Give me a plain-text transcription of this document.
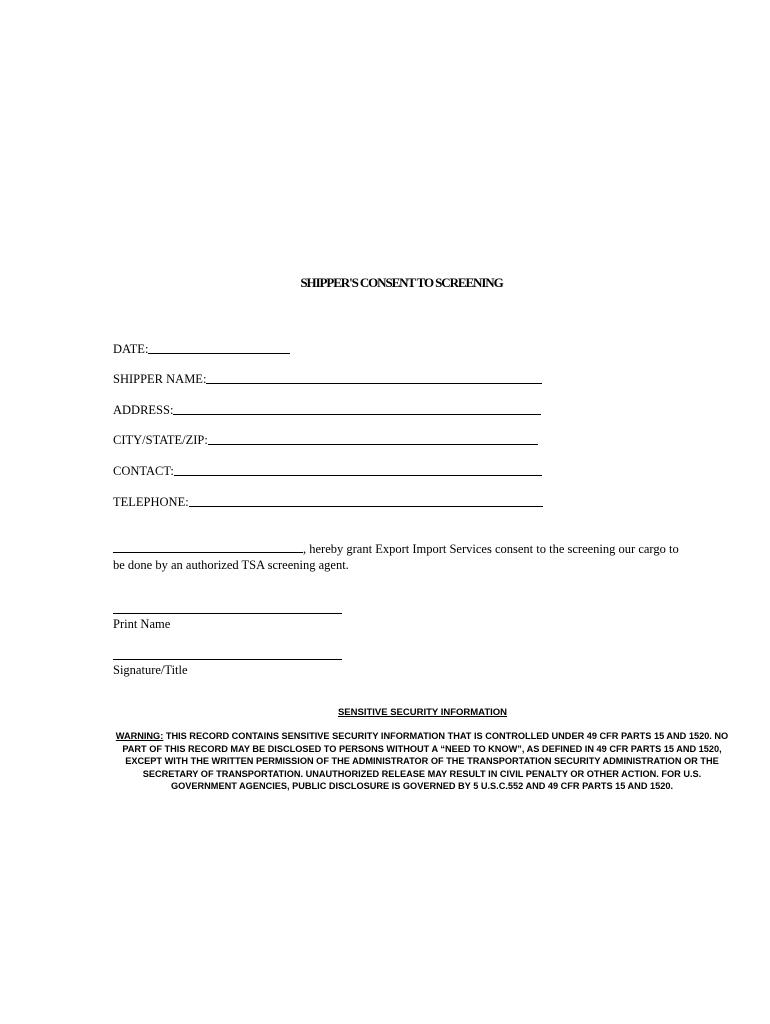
SHIPPER'S CONSENT TO SCREENING
DATE:
SHIPPER NAME:
ADDRESS:
CITY/STATE/ZIP:
CONTACT:
TELEPHONE:
, hereby grant Export Import Services consent to the screening our cargo to be done by an authorized TSA screening agent.
Print Name
Signature/Title
SENSITIVE SECURITY INFORMATION
WARNING: THIS RECORD CONTAINS SENSITIVE SECURITY INFORMATION THAT IS CONTROLLED UNDER 49 CFR PARTS 15 AND 1520. NO PART OF THIS RECORD MAY BE DISCLOSED TO PERSONS WITHOUT A “NEED TO KNOW”, AS DEFINED IN 49 CFR PARTS 15 AND 1520, EXCEPT WITH THE WRITTEN PERMISSION OF THE ADMINISTRATOR OF THE TRANSPORTATION SECURITY ADMINISTRATION OR THE SECRETARY OF TRANSPORTATION. UNAUTHORIZED RELEASE MAY RESULT IN CIVIL PENALTY OR OTHER ACTION. FOR U.S. GOVERNMENT AGENCIES, PUBLIC DISCLOSURE IS GOVERNED BY 5 U.S.C.552 AND 49 CFR PARTS 15 AND 1520.
